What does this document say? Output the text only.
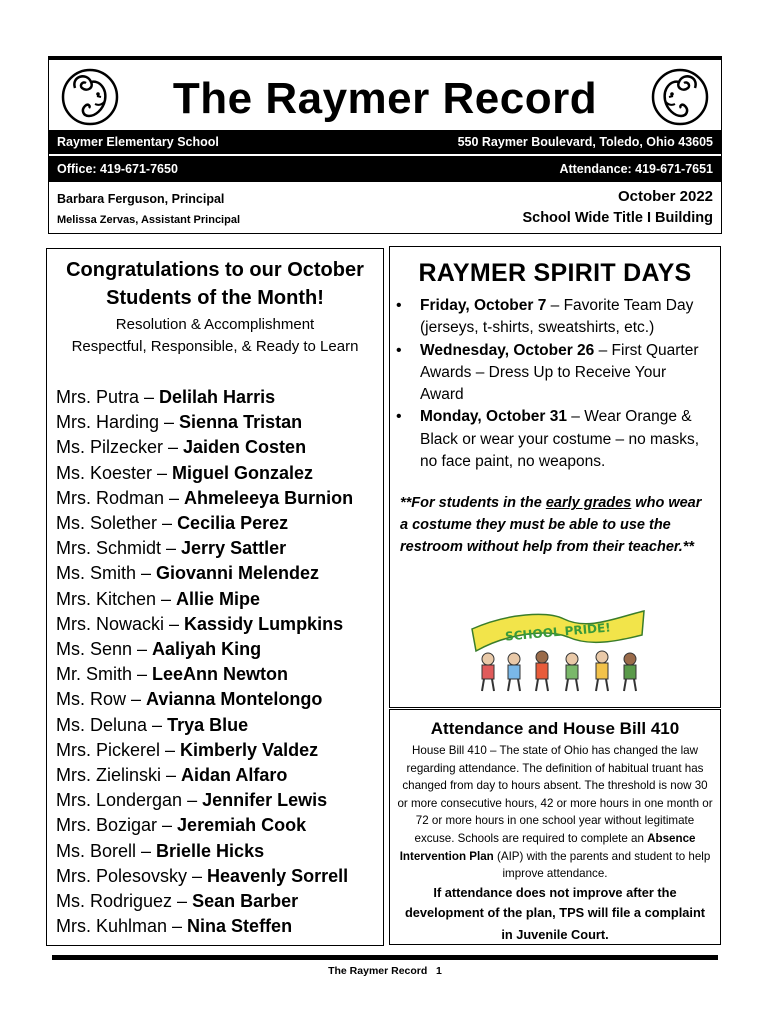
The Raymer Record
Raymer Elementary School	550 Raymer Boulevard, Toledo, Ohio 43605
Office: 419-671-7650	Attendance: 419-671-7651
Barbara Ferguson, Principal
Melissa Zervas, Assistant Principal
October 2022
School Wide Title I Building
Congratulations to our October
Students of the Month!
Resolution & Accomplishment
Respectful, Responsible, & Ready to Learn
Mrs. Putra – Delilah Harris
Mrs. Harding – Sienna Tristan
Ms. Pilzecker – Jaiden Costen
Ms. Koester – Miguel Gonzalez
Mrs. Rodman – Ahmeleeya Burnion
Ms. Solether – Cecilia Perez
Mrs. Schmidt – Jerry Sattler
Ms. Smith – Giovanni Melendez
Mrs. Kitchen – Allie Mipe
Mrs. Nowacki – Kassidy Lumpkins
Ms. Senn – Aaliyah King
Mr. Smith – LeeAnn Newton
Ms. Row – Avianna Montelongo
Ms. Deluna – Trya Blue
Mrs. Pickerel – Kimberly Valdez
Mrs. Zielinski – Aidan Alfaro
Mrs. Londergan – Jennifer Lewis
Mrs. Bozigar – Jeremiah Cook
Ms. Borell – Brielle Hicks
Mrs. Polesovsky – Heavenly Sorrell
Ms. Rodriguez – Sean Barber
Mrs. Kuhlman – Nina Steffen
RAYMER SPIRIT DAYS
• Friday, October 7 – Favorite Team Day (jerseys, t-shirts, sweatshirts, etc.)
• Wednesday, October 26 – First Quarter Awards – Dress Up to Receive Your Award
• Monday, October 31 – Wear Orange & Black or wear your costume – no masks, no face paint, no weapons.
**For students in the early grades who wear a costume they must be able to use the restroom without help from their teacher.**
SCHOOL PRIDE!
Attendance and House Bill 410
House Bill 410 – The state of Ohio has changed the law regarding attendance. The definition of habitual truant has changed from day to hours absent. The threshold is now 30 or more consecutive hours, 42 or more hours in one month or 72 or more hours in one school year without legitimate excuse. Schools are required to complete an Absence Intervention Plan (AIP) with the parents and student to help improve attendance.
If attendance does not improve after the development of the plan, TPS will file a complaint
in Juvenile Court.
The Raymer Record   1
